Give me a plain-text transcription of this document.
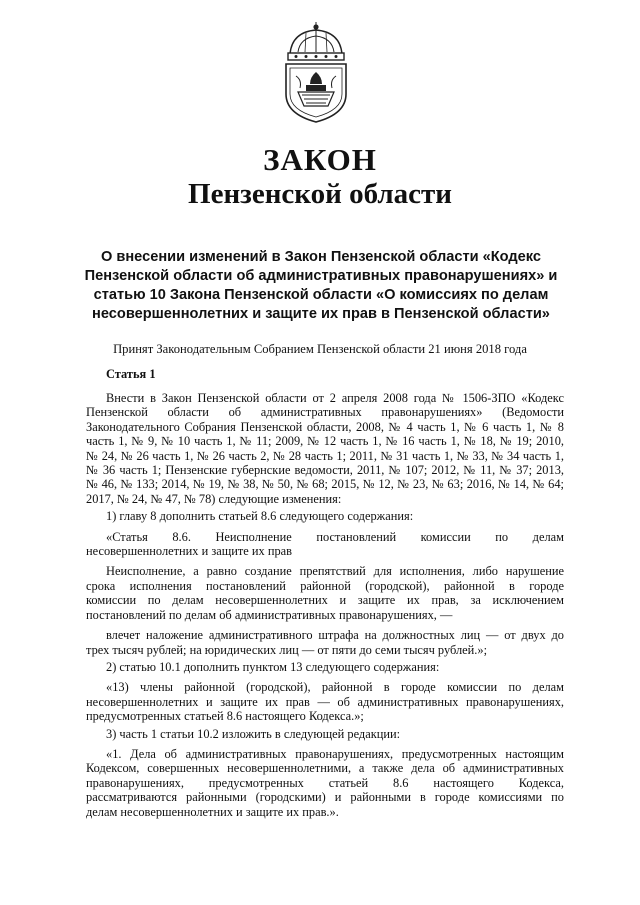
ЗАКОН
Пензенской области
О внесении изменений в Закон Пензенской области «Кодекс
Пензенской области об административных правонарушениях» и
статью 10 Закона Пензенской области «О комиссиях по делам
несовершеннолетних и защите их прав в Пензенской области»
Принят Законодательным Собранием Пензенской области 21 июня 2018 года

Статья 1

Внести в Закон Пензенской области от 2 апреля 2008 года № 1506-ЗПО «Кодекс
Пензенской области об административных правонарушениях» (Ведомости
Законодательного Собрания Пензенской области, 2008, № 4 часть 1, № 6 часть 1, № 8
часть 1, № 9, № 10 часть 1, № 11; 2009, № 12 часть 1, № 16 часть 1, № 18, № 19; 2010,
№ 24, № 26 часть 1, № 26 часть 2, № 28 часть 1; 2011, № 31 часть 1, № 33, № 34 часть 1,
№ 36 часть 1; Пензенские губернские ведомости, 2011, № 107; 2012, № 11, № 37; 2013,
№ 46, № 133; 2014, № 19, № 38, № 50, № 68; 2015, № 12, № 23, № 63; 2016, № 14, № 64;
2017, № 24, № 47, № 78) следующие изменения:

1) главу 8 дополнить статьей 8.6 следующего содержания:

«Статья 8.6. Неисполнение постановлений комиссии по делам
несовершеннолетних и защите их прав

Неисполнение, а равно создание препятствий для исполнения, либо нарушение
срока исполнения постановлений районной (городской), районной в городе
комиссии по делам несовершеннолетних и защите их прав, за исключением
постановлений по делам об административных правонарушениях, —

влечет наложение административного штрафа на должностных лиц — от двух до
трех тысяч рублей; на юридических лиц — от пяти до семи тысяч рублей.»;

2) статью 10.1 дополнить пунктом 13 следующего содержания:

«13) члены районной (городской), районной в городе комиссии по делам
несовершеннолетних и защите их прав — об административных правонарушениях,
предусмотренных статьей 8.6 настоящего Кодекса.»;

3) часть 1 статьи 10.2 изложить в следующей редакции:

«1. Дела об административных правонарушениях, предусмотренных настоящим
Кодексом, совершенных несовершеннолетними, а также дела об административных
правонарушениях, предусмотренных статьей 8.6 настоящего Кодекса,
рассматриваются районными (городскими) и районными в городе комиссиями по
делам несовершеннолетних и защите их прав.».
